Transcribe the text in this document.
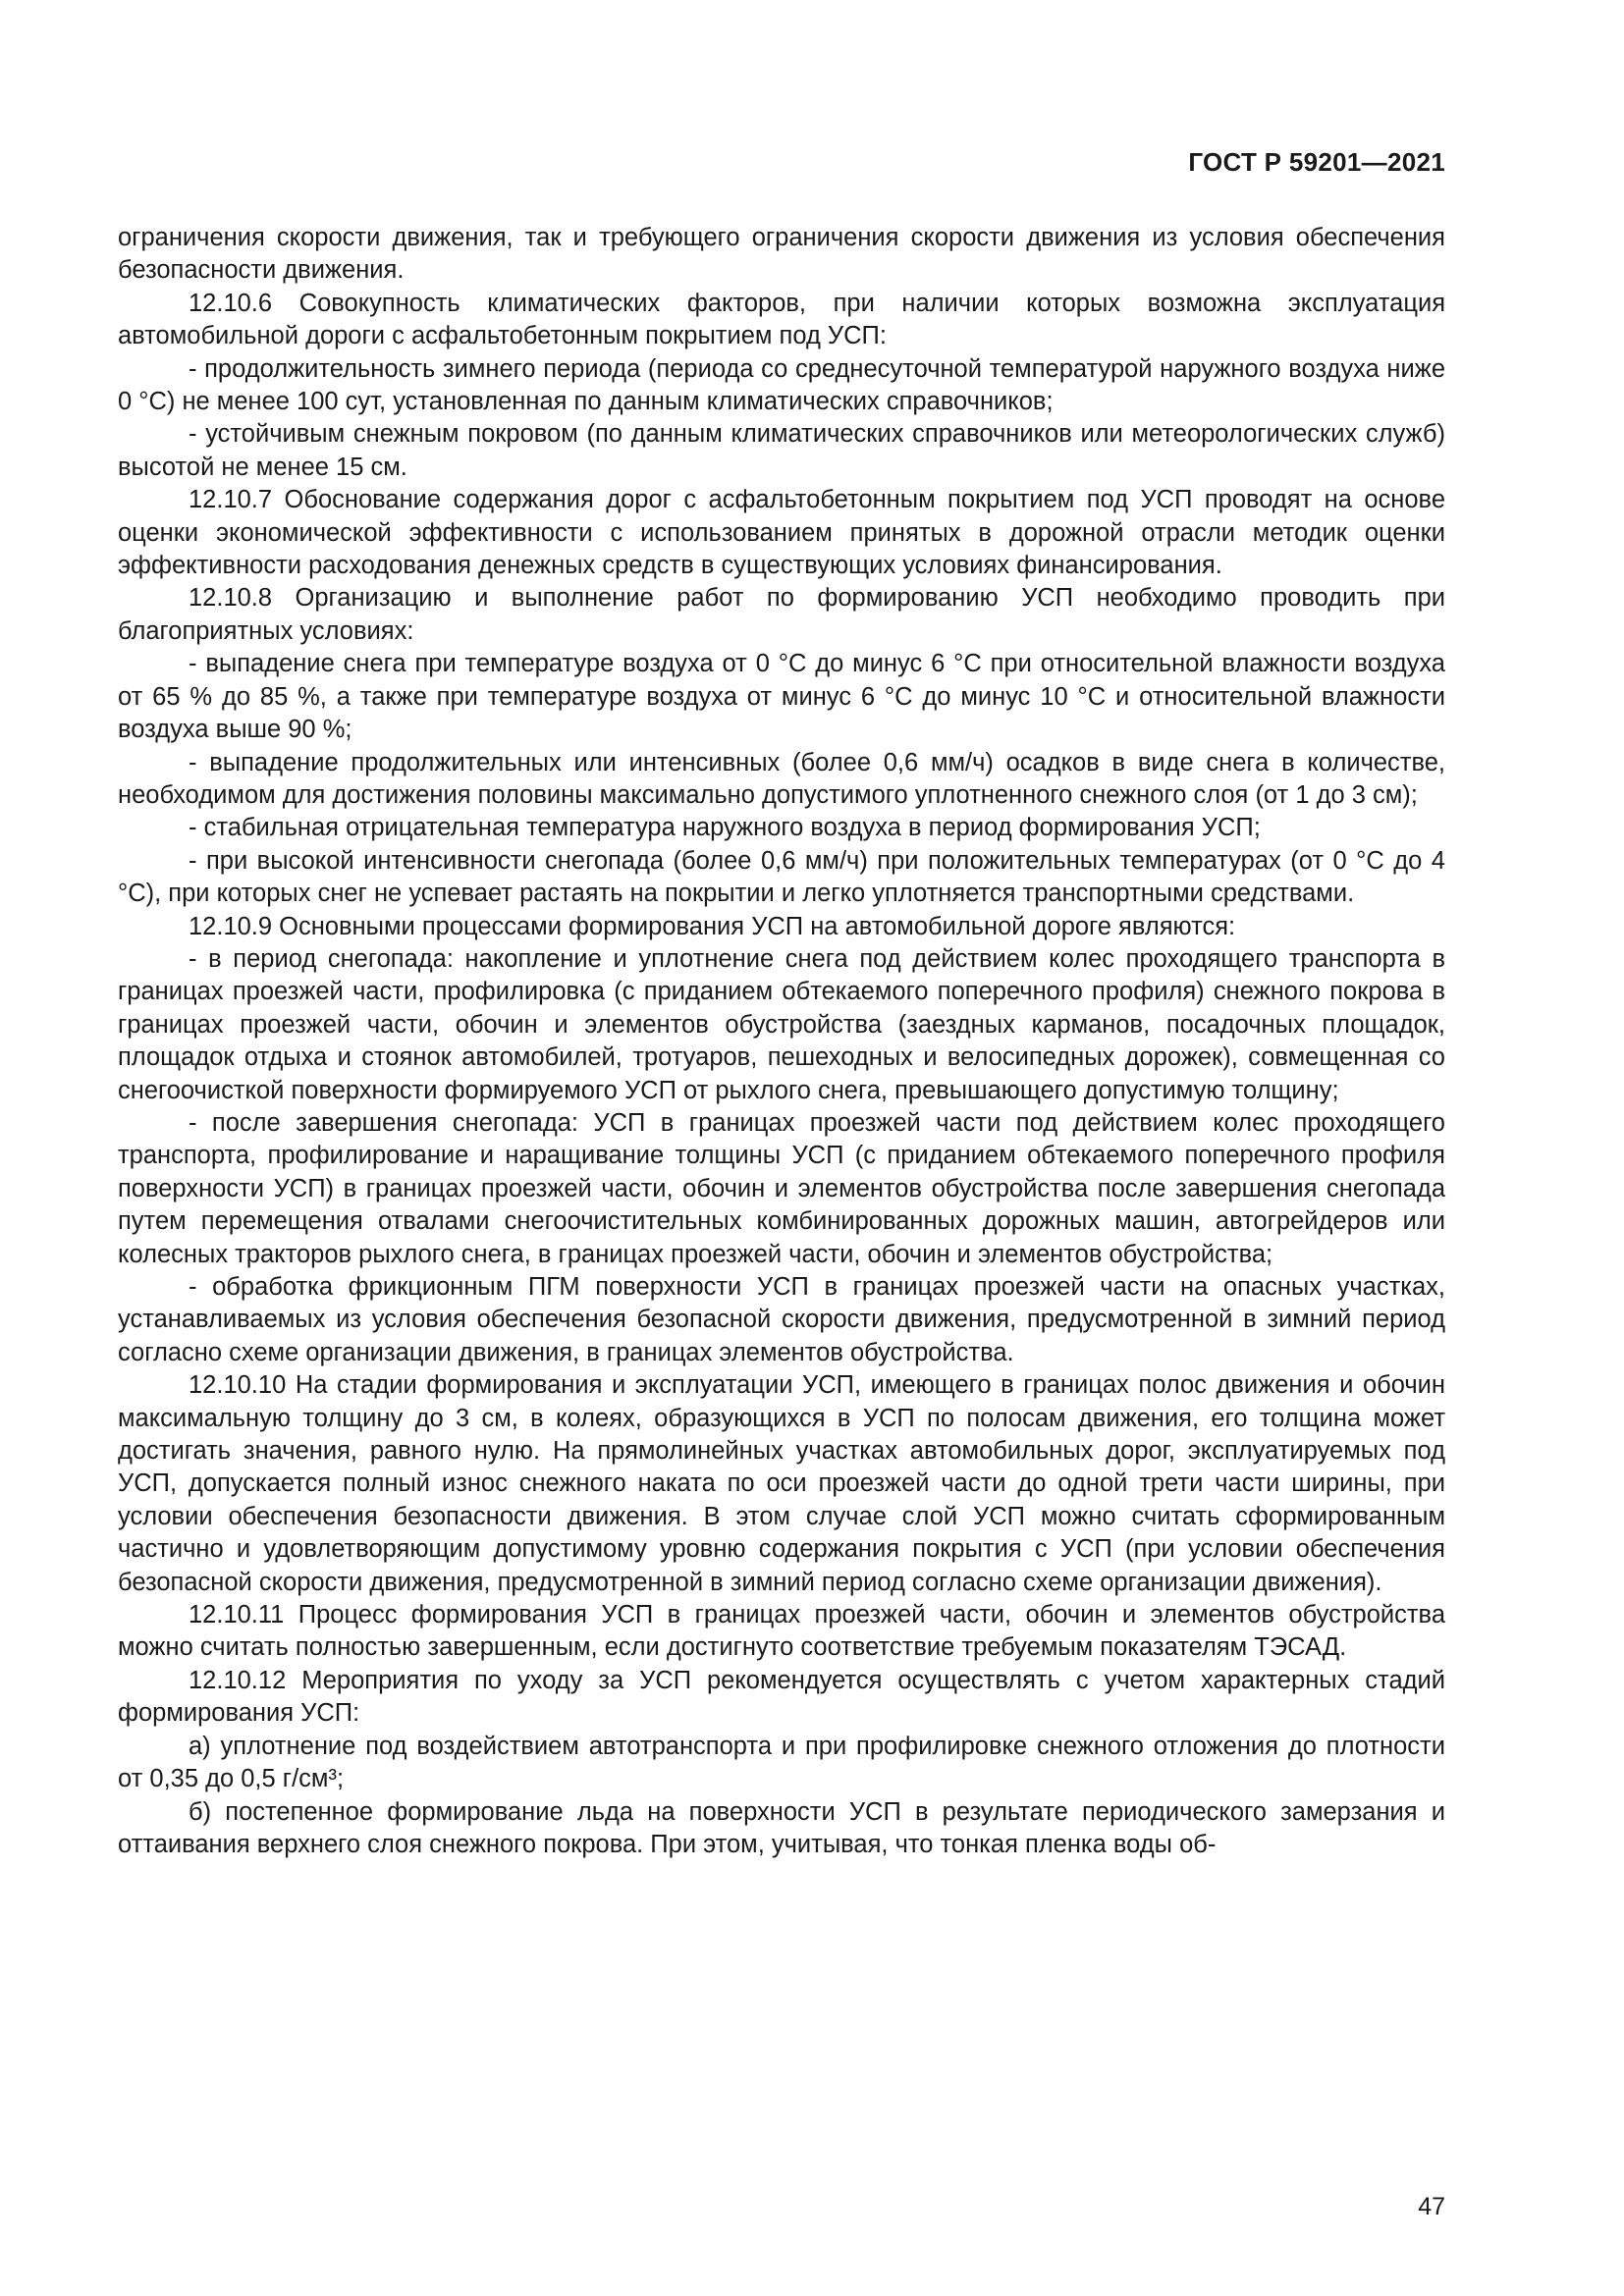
ГОСТ Р 59201—2021

ограничения скорости движения, так и требующего ограничения скорости движения из условия обеспечения безопасности движения.

12.10.6 Совокупность климатических факторов, при наличии которых возможна эксплуатация автомобильной дороги с асфальтобетонным покрытием под УСП:

- продолжительность зимнего периода (периода со среднесуточной температурой наружного воздуха ниже 0 °С) не менее 100 сут, установленная по данным климатических справочников;

- устойчивым снежным покровом (по данным климатических справочников или метеорологических служб) высотой не менее 15 см.

12.10.7 Обоснование содержания дорог с асфальтобетонным покрытием под УСП проводят на основе оценки экономической эффективности с использованием принятых в дорожной отрасли методик оценки эффективности расходования денежных средств в существующих условиях финансирования.

12.10.8 Организацию и выполнение работ по формированию УСП необходимо проводить при благоприятных условиях:

- выпадение снега при температуре воздуха от 0 °С до минус 6 °С при относительной влажности воздуха от 65 % до 85 %, а также при температуре воздуха от минус 6 °С до минус 10 °С и относительной влажности воздуха выше 90 %;

- выпадение продолжительных или интенсивных (более 0,6 мм/ч) осадков в виде снега в количестве, необходимом для достижения половины максимально допустимого уплотненного снежного слоя (от 1 до 3 см);

- стабильная отрицательная температура наружного воздуха в период формирования УСП;

- при высокой интенсивности снегопада (более 0,6 мм/ч) при положительных температурах (от 0 °С до 4 °С), при которых снег не успевает растаять на покрытии и легко уплотняется транспортными средствами.

12.10.9 Основными процессами формирования УСП на автомобильной дороге являются:

- в период снегопада: накопление и уплотнение снега под действием колес проходящего транспорта в границах проезжей части, профилировка (с приданием обтекаемого поперечного профиля) снежного покрова в границах проезжей части, обочин и элементов обустройства (заездных карманов, посадочных площадок, площадок отдыха и стоянок автомобилей, тротуаров, пешеходных и велосипедных дорожек), совмещенная со снегоочисткой поверхности формируемого УСП от рыхлого снега, превышающего допустимую толщину;

- после завершения снегопада: УСП в границах проезжей части под действием колес проходящего транспорта, профилирование и наращивание толщины УСП (с приданием обтекаемого поперечного профиля поверхности УСП) в границах проезжей части, обочин и элементов обустройства после завершения снегопада путем перемещения отвалами снегоочистительных комбинированных дорожных машин, автогрейдеров или колесных тракторов рыхлого снега, в границах проезжей части, обочин и элементов обустройства;

- обработка фрикционным ПГМ поверхности УСП в границах проезжей части на опасных участках, устанавливаемых из условия обеспечения безопасной скорости движения, предусмотренной в зимний период согласно схеме организации движения, в границах элементов обустройства.

12.10.10 На стадии формирования и эксплуатации УСП, имеющего в границах полос движения и обочин максимальную толщину до 3 см, в колеях, образующихся в УСП по полосам движения, его толщина может достигать значения, равного нулю. На прямолинейных участках автомобильных дорог, эксплуатируемых под УСП, допускается полный износ снежного наката по оси проезжей части до одной трети части ширины, при условии обеспечения безопасности движения. В этом случае слой УСП можно считать сформированным частично и удовлетворяющим допустимому уровню содержания покрытия с УСП (при условии обеспечения безопасной скорости движения, предусмотренной в зимний период согласно схеме организации движения).

12.10.11 Процесс формирования УСП в границах проезжей части, обочин и элементов обустройства можно считать полностью завершенным, если достигнуто соответствие требуемым показателям ТЭСАД.

12.10.12 Мероприятия по уходу за УСП рекомендуется осуществлять с учетом характерных стадий формирования УСП:

а) уплотнение под воздействием автотранспорта и при профилировке снежного отложения до плотности от 0,35 до 0,5 г/см³;

б) постепенное формирование льда на поверхности УСП в результате периодического замерзания и оттаивания верхнего слоя снежного покрова. При этом, учитывая, что тонкая пленка воды об-

47
